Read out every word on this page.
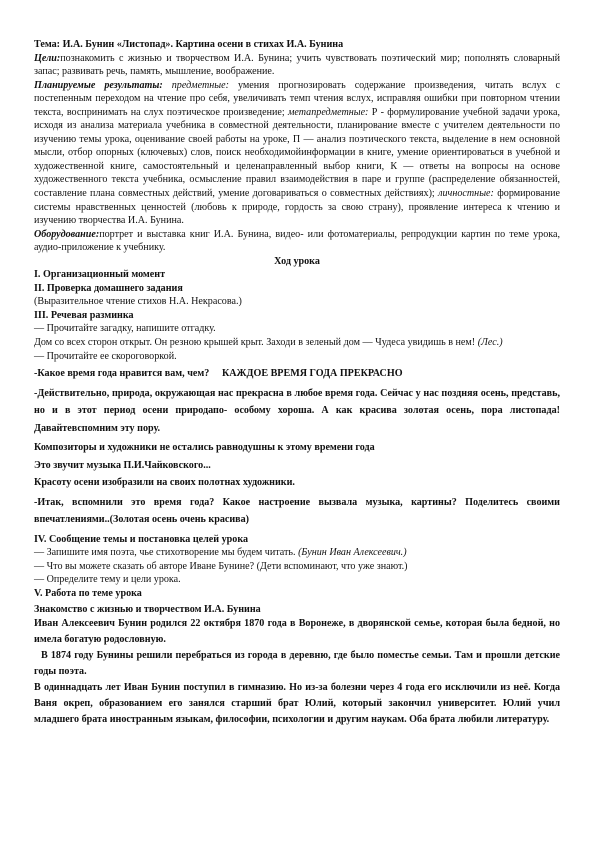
Тема: И.А. Бунин «Листопад». Картина осени в стихах И.А. Бунина

Цели:познакомить с жизнью и творчеством И.А. Бунина; учить чувствовать поэтический мир; пополнять словарный запас; развивать речь, память, мышление, воображение.

Планируемые результаты: предметные: умения прогнозировать содержание произведения, читать вслух с постепенным переходом на чтение про себя, увеличивать темп чтения вслух, исправляя ошибки при повторном чтении текста, воспринимать на слух поэтическое произведение; метапредметные: Р - формулирование учебной задачи урока, исходя из анализа материала учебника в совместной деятельности, планирование вместе с учителем деятельности по изучению темы урока, оценивание своей работы на уроке, П — анализ поэтического текста, выделение в нем основной мысли, отбор опорных (ключевых) слов, поиск необходимойинформации в книге, умение ориентироваться в учебной и художественной книге, самостоятельный и целенаправленный выбор книги, К — ответы на вопросы на основе художественного текста учебника, осмысление правил взаимодействия в паре и группе (распределение обязанностей, составление плана совместных действий, умение договариваться о совместных действиях); личностные: формирование системы нравственных ценностей (любовь к природе, гордость за свою страну), проявление интереса к чтению и изучению творчества И.А. Бунина.

Оборудование:портрет и выставка книг И.А. Бунина, видео- или фотоматериалы, репродукции картин по теме урока, аудио-приложение к учебнику.

Ход урока

I. Организационный момент

II. Проверка домашнего задания

(Выразительное чтение стихов Н.А. Некрасова.)

III. Речевая разминка

— Прочитайте загадку, напишите отгадку.

Дом со всех сторон открыт. Он резною крышей крыт. Заходи в зеленый дом — Чудеса увидишь в нем! (Лес.)

— Прочитайте ее скороговоркой.

-Какое время года нравится вам, чем? КАЖДОЕ ВРЕМЯ ГОДА ПРЕКРАСНО

-Действительно, природа, окружающая нас прекрасна в любое время года. Сейчас у нас поздняя осень, представь, но и в этот период осени природапо- особому хороша. А как красива золотая осень, пора листопада! Давайтевспомним эту пору.

Композиторы и художники не остались равнодушны к этому времени года

Это звучит музыка П.И.Чайковского...

Красоту осени изобразили на своих полотнах художники.

-Итак, вспомнили это время года? Какое настроение вызвала музыка, картины? Поделитесь своими впечатлениями..(Золотая осень очень красива)

IV. Сообщение темы и постановка целей урока

— Запишите имя поэта, чье стихотворение мы будем читать. (Бунин Иван Алексеевич.)

— Что вы можете сказать об авторе Иване Бунине? (Дети вспоминают, что уже знают.)

— Определите тему и цели урока.

V. Работа по теме урока

Знакомство с жизнью и творчеством И.А. Бунина

Иван Алексеевич Бунин родился 22 октября 1870 года в Воронеже, в дворянской семье, которая была бедной, но имела богатую родословную.

В 1874 году Бунины решили перебраться из города в деревню, где было поместье семьи. Там и прошли детские годы поэта.

В одиннадцать лет Иван Бунин поступил в гимназию. Но из-за болезни через 4 года его исключили из неё. Когда Ваня окреп, образованием его занялся старший брат Юлий, который закончил университет. Юлий учил младшего брата иностранным языкам, философии, психологии и другим наукам. Оба брата любили литературу.
